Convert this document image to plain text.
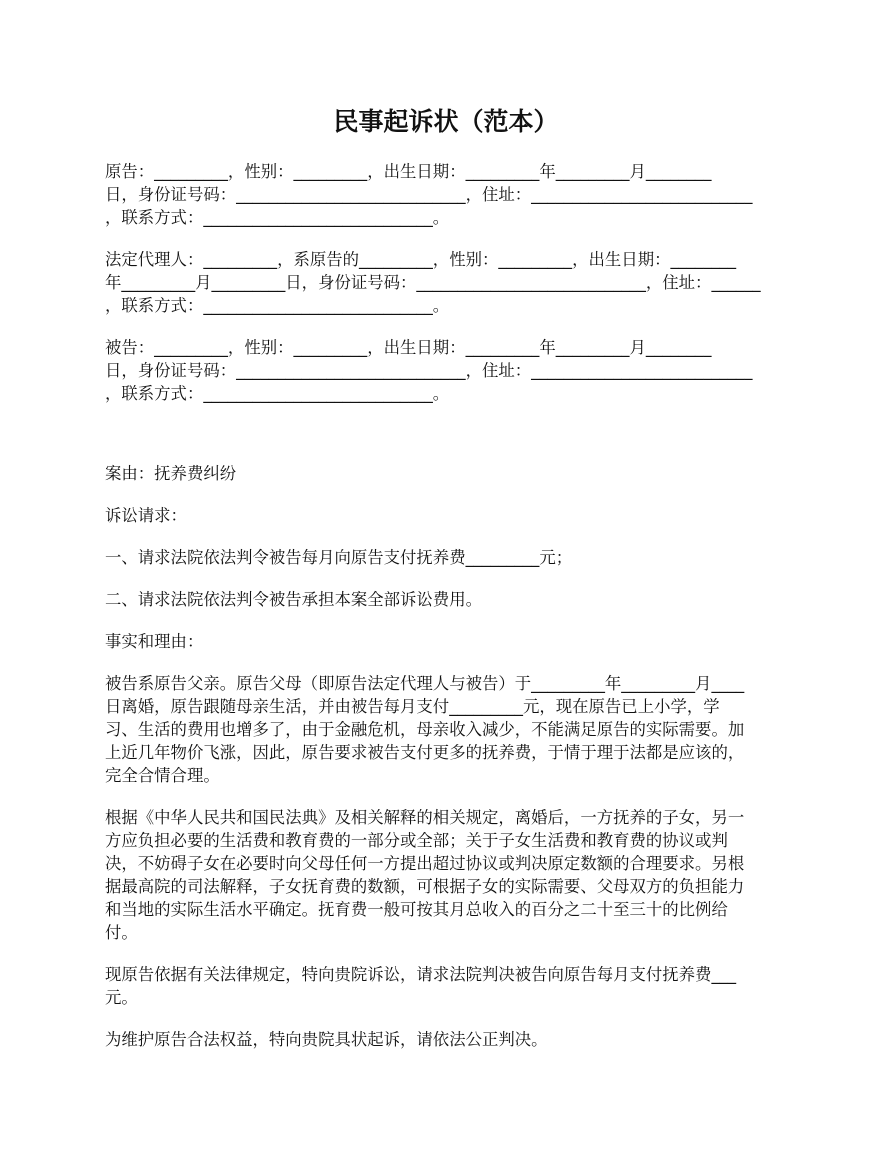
民事起诉状（范本）
原告：_________，性别：_________，出生日期：_________年_________月________
日，身份证号码：____________________________，住址：___________________________
，联系方式：____________________________。
法定代理人：_________，系原告的_________，性别：_________，出生日期：________
年_________月_________日，身份证号码：____________________________，住址：______
，联系方式：____________________________。
被告：_________，性别：_________，出生日期：_________年_________月________
日，身份证号码：____________________________，住址：___________________________
，联系方式：____________________________。
案由：抚养费纠纷
诉讼请求：
一、请求法院依法判令被告每月向原告支付抚养费_________元；
二、请求法院依法判令被告承担本案全部诉讼费用。
事实和理由：
被告系原告父亲。原告父母（即原告法定代理人与被告）于_________年_________月____
日离婚，原告跟随母亲生活，并由被告每月支付_________元，现在原告已上小学，学
习、生活的费用也增多了，由于金融危机，母亲收入减少，不能满足原告的实际需要。加
上近几年物价飞涨，因此，原告要求被告支付更多的抚养费，于情于理于法都是应该的，
完全合情合理。
根据《中华人民共和国民法典》及相关解释的相关规定，离婚后，一方抚养的子女，另一
方应负担必要的生活费和教育费的一部分或全部；关于子女生活费和教育费的协议或判
决，不妨碍子女在必要时向父母任何一方提出超过协议或判决原定数额的合理要求。另根
据最高院的司法解释，子女抚育费的数额，可根据子女的实际需要、父母双方的负担能力
和当地的实际生活水平确定。抚育费一般可按其月总收入的百分之二十至三十的比例给
付。
现原告依据有关法律规定，特向贵院诉讼，请求法院判决被告向原告每月支付抚养费___
元。
为维护原告合法权益，特向贵院具状起诉，请依法公正判决。
